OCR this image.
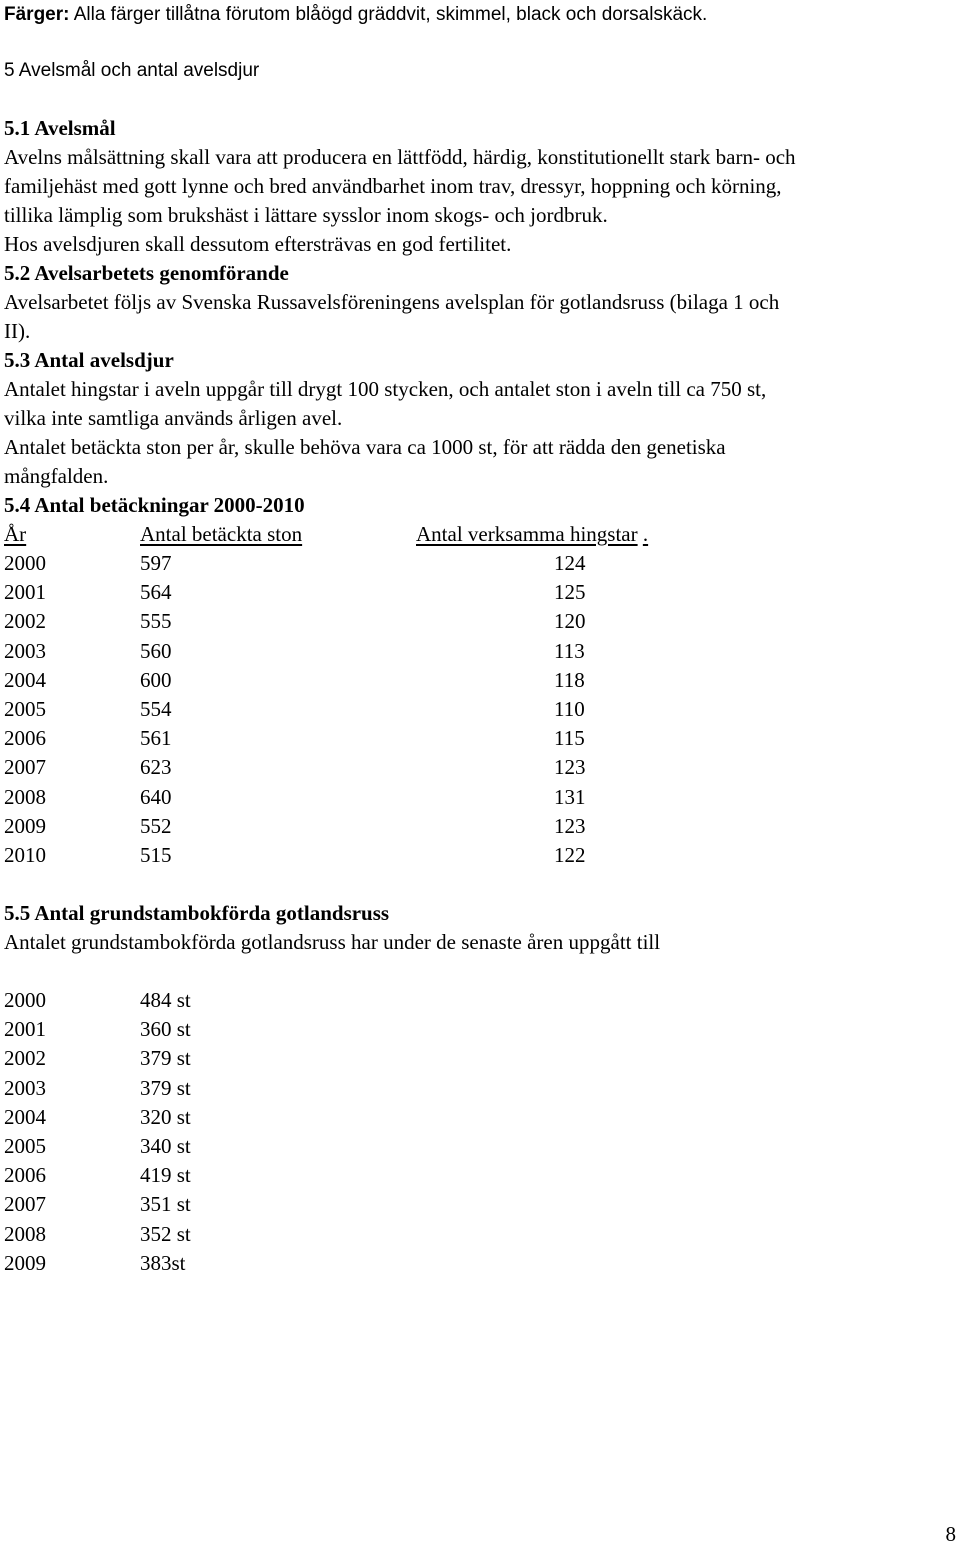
Färger: Alla färger tillåtna förutom blåögd gräddvit, skimmel, black och dorsalskäck.
5 Avelsmål och antal avelsdjur
5.1 Avelsmål
Avelns målsättning skall vara att producera en lättfödd, härdig, konstitutionellt stark barn- och
familjehäst med gott lynne och bred användbarhet inom trav, dressyr, hoppning och körning,
tillika lämplig som brukshäst i lättare sysslor inom skogs- och jordbruk.
Hos avelsdjuren skall dessutom eftersträvas en god fertilitet.
5.2 Avelsarbetets genomförande
Avelsarbetet följs av Svenska Russavelsföreningens avelsplan för gotlandsruss (bilaga 1 och
II).
5.3 Antal avelsdjur
Antalet hingstar i aveln uppgår till drygt 100 stycken, och antalet ston i aveln till ca 750 st,
vilka inte samtliga används årligen avel.
Antalet betäckta ston per år, skulle behöva vara ca 1000 st, för att rädda den genetiska
mångfalden.
5.4 Antal betäckningar 2000-2010
År	Antal betäckta ston	Antal verksamma hingstar .
2000	597	124
2001	564	125
2002	555	120
2003	560	113
2004	600	118
2005	554	110
2006	561	115
2007	623	123
2008	640	131
2009	552	123
2010	515	122
5.5 Antal grundstambokförda gotlandsruss
Antalet grundstambokförda gotlandsruss har under de senaste åren uppgått till
2000	484 st
2001	360 st
2002	379 st
2003	379 st
2004	320 st
2005	340 st
2006	419 st
2007	351 st
2008	352 st
2009	383st
8
